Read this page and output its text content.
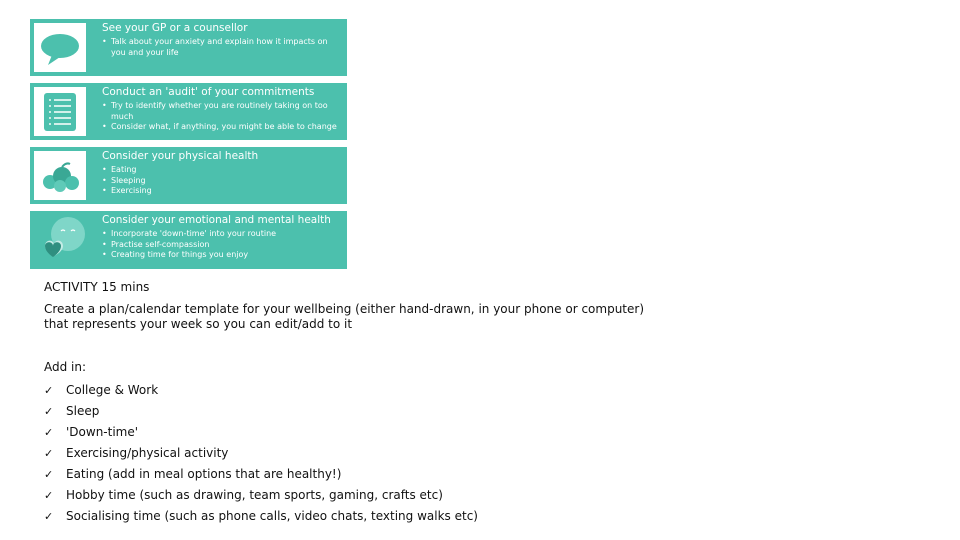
See your GP or a counsellor
• Talk about your anxiety and explain how it impacts on you and your life
Conduct an 'audit' of your commitments
• Try to identify whether you are routinely taking on too much
• Consider what, if anything, you might be able to change
Consider your physical health
• Eating
• Sleeping
• Exercising
Consider your emotional and mental health
• Incorporate 'down-time' into your routine
• Practise self-compassion
• Creating time for things you enjoy

ACTIVITY 15 mins

Create a plan/calendar template for your wellbeing (either hand-drawn, in your phone or computer) that represents your week so you can edit/add to it
Add in:
✓ College & Work
✓ Sleep
✓ 'Down-time'
✓ Exercising/physical activity
✓ Eating (add in meal options that are healthy!)
✓ Hobby time (such as drawing, team sports, gaming, crafts etc)
✓ Socialising time (such as phone calls, video chats, texting walks etc)
